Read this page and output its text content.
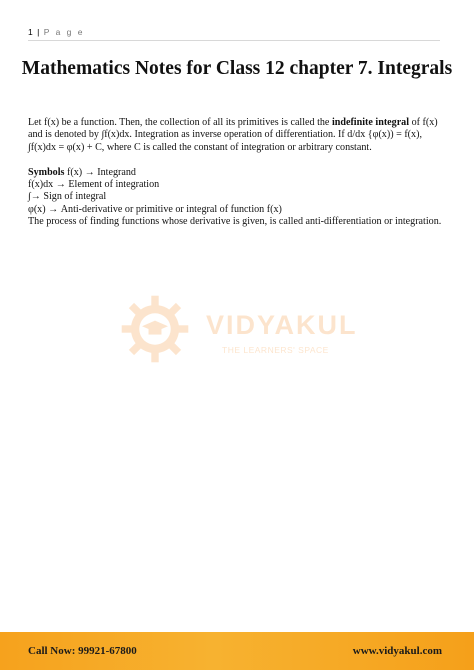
1 | P a g e
Mathematics Notes for Class 12 chapter 7. Integrals

Let f(x) be a function. Then, the collection of all its primitives is called the indefinite integral of f(x) and is denoted by ∫f(x)dx. Integration as inverse operation of differentiation. If d/dx {φ(x)) = f(x), ∫f(x)dx = φ(x) + C, where C is called the constant of integration or arbitrary constant.

Symbols f(x) → Integrand

f(x)dx → Element of integration

∫→ Sign of integral

φ(x) → Anti-derivative or primitive or integral of function f(x)

The process of finding functions whose derivative is given, is called anti-differentiation or integration.

VIDYAKUL
THE LEARNERS' SPACE
Call Now: 99921-67800	www.vidyakul.com
